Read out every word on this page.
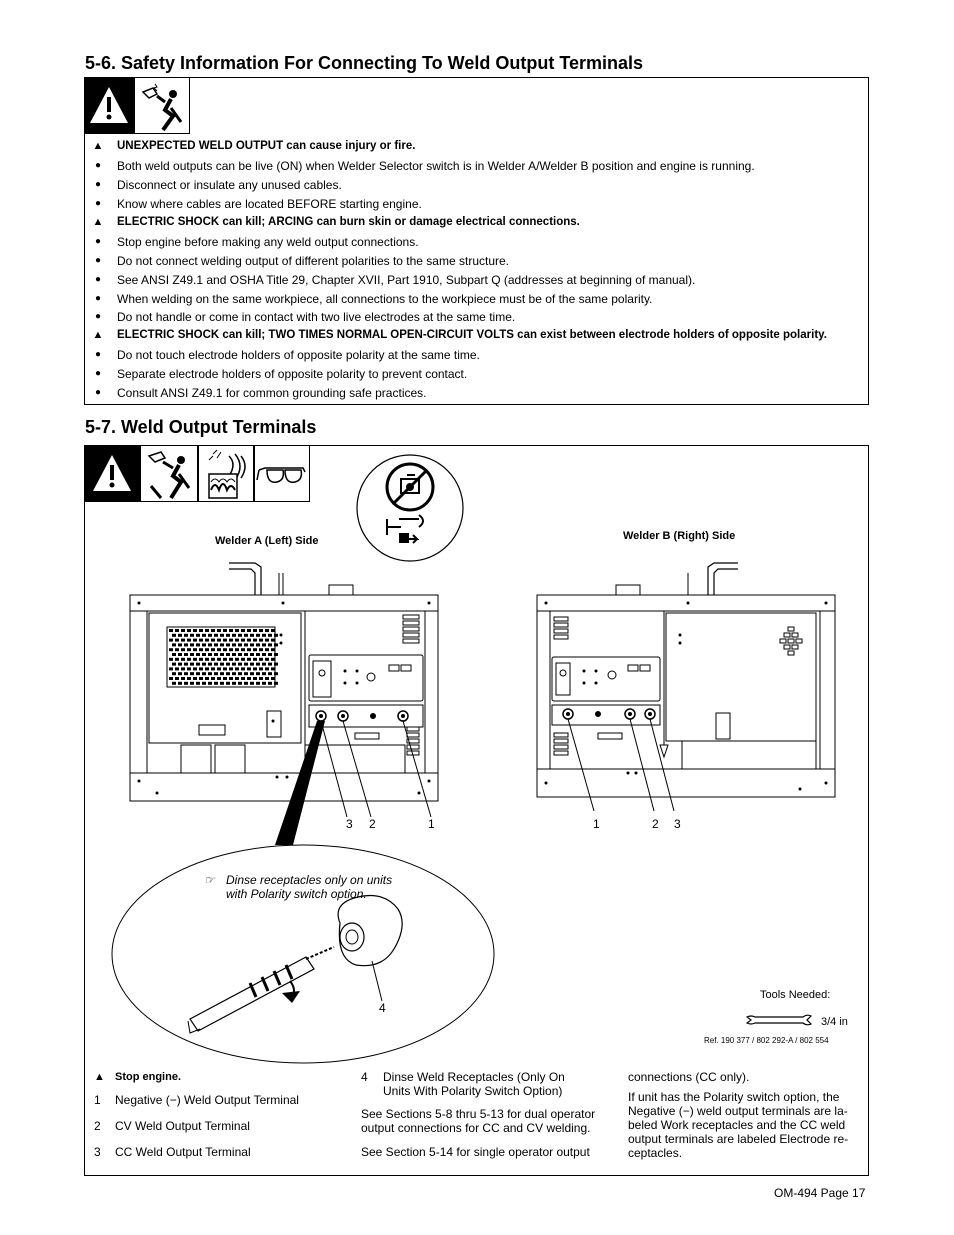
5-6. Safety Information For Connecting To Weld Output Terminals
▲ UNEXPECTED WELD OUTPUT can cause injury or fire.
●	Both weld outputs can be live (ON) when Welder Selector switch is in Welder A/Welder B position and engine is running.
●	Disconnect or insulate any unused cables.
●	Know where cables are located BEFORE starting engine.
▲ ELECTRIC SHOCK can kill; ARCING can burn skin or damage electrical connections.
●	Stop engine before making any weld output connections.
●	Do not connect welding output of different polarities to the same structure.
●	See ANSI Z49.1 and OSHA Title 29, Chapter XVII, Part 1910, Subpart Q (addresses at beginning of manual).
●	When welding on the same workpiece, all connections to the workpiece must be of the same polarity.
●	Do not handle or come in contact with two live electrodes at the same time.
▲ ELECTRIC SHOCK can kill; TWO TIMES NORMAL OPEN-CIRCUIT VOLTS can exist between electrode holders of opposite polarity.
●	Do not touch electrode holders of opposite polarity at the same time.
●	Separate electrode holders of opposite polarity to prevent contact.
●	Consult ANSI Z49.1 for common grounding safe practices.
5-7. Weld Output Terminals
Welder A (Left) Side	Welder B (Right) Side
3 2	1	1	2 3
☞ Dinse receptacles only on units
with Polarity switch option.
4
Tools Needed:
3/4 in
Ref. 190 377 / 802 292-A / 802 554
▲ Stop engine.
1 Negative (−) Weld Output Terminal
2 CV Weld Output Terminal
3 CC Weld Output Terminal
4 Dinse Weld Receptacles (Only On
Units With Polarity Switch Option)
See Sections 5-8 thru 5-13 for dual operator
output connections for CC and CV welding.
See Section 5-14 for single operator output
connections (CC only).
If unit has the Polarity switch option, the
Negative (−) weld output terminals are la-
beled Work receptacles and the CC weld
output terminals are labeled Electrode re-
ceptacles.
OM-494 Page 17
